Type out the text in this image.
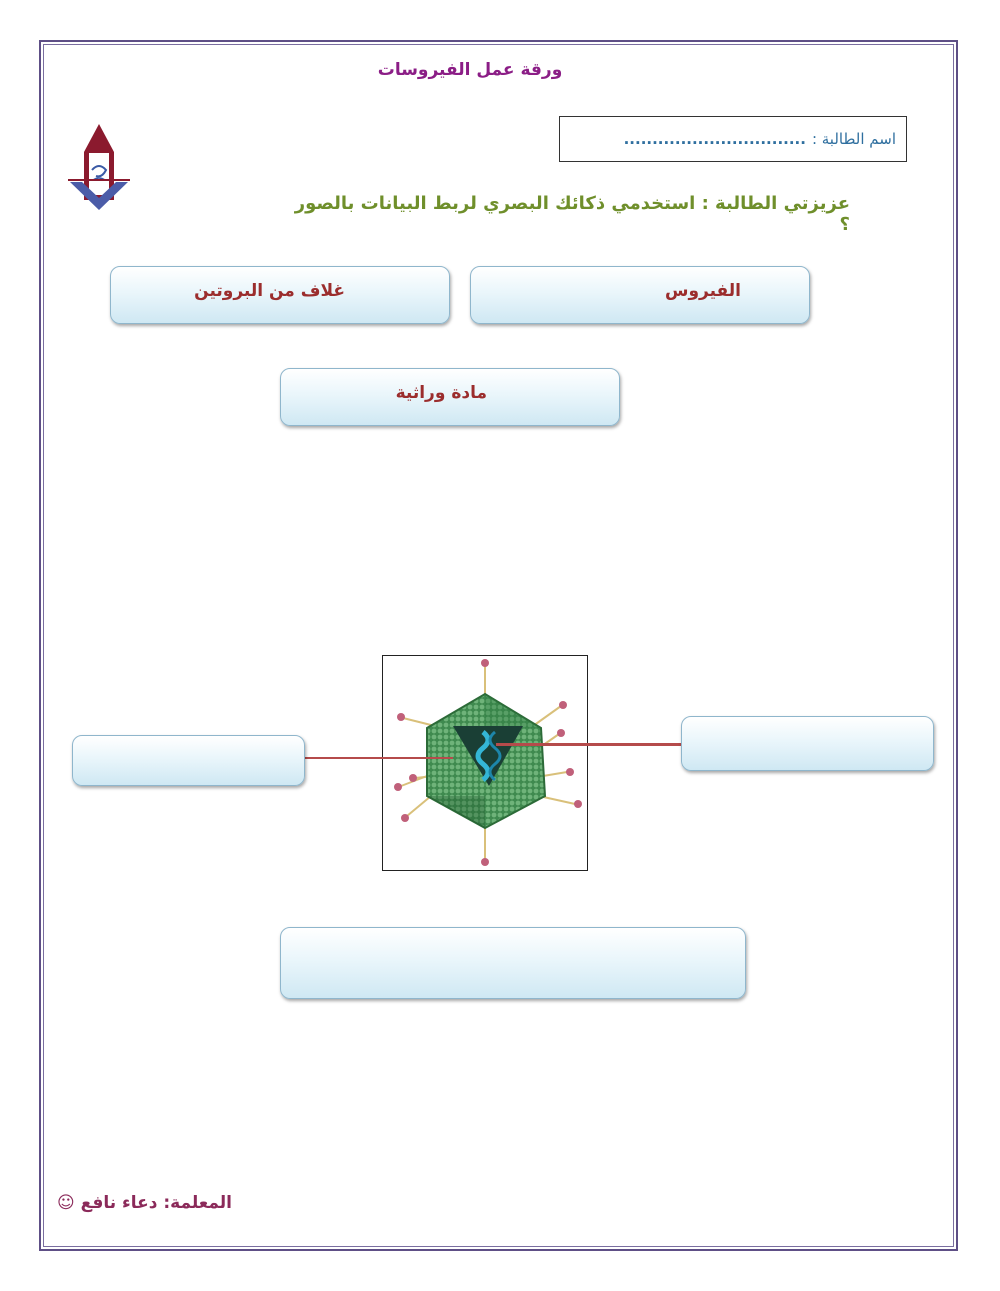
ورقة عمل الفيروسات
اسم الطالبة :
................................
عزيزتي الطالبة : استخدمي ذكائك البصري لربط البيانات بالصور ؟
الفيروس
غلاف من البروتين
مادة وراثية
المعلمة: دعاء نافع ☺
